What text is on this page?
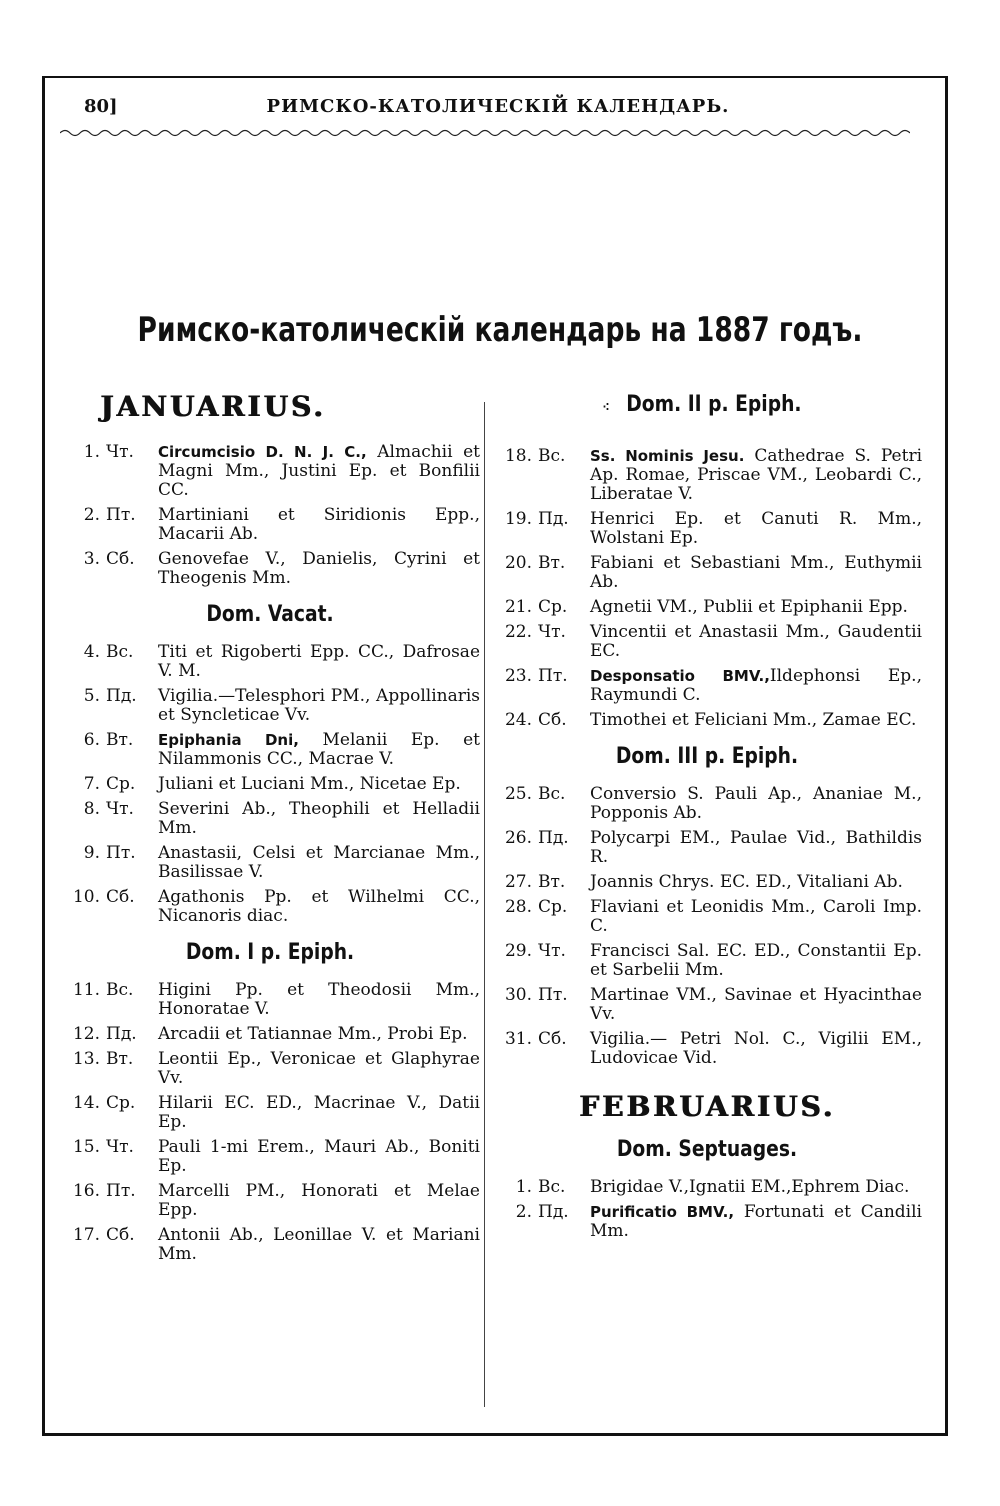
80]	РИМСКО-КАТОЛИЧЕСКІЙ КАЛЕНДАРЬ.
Римско-католическій календарь на 1887 годъ.
JANUARIUS.
1. Чт.	Circumcisio D. N. J. C., Almachii et Magni Mm., Justini Ep. et Bonfilii CC.
2. Пт.	Martiniani et Siridionis Epp., Macarii Ab.
3. Сб.	Genovefae V., Danielis, Cyrini et Theogenis Mm.
Dom. Vacat.
4. Вс.	Titi et Rigoberti Epp. CC., Dafrosae V. M.
5. Пд.	Vigilia.—Telesphori PM., Appollinaris et Syncleticae Vv.
6. Вт.	Epiphania Dni, Melanii Ep. et Nilammonis CC., Macrae V.
7. Ср.	Juliani et Luciani Mm., Nicetae Ep.
8. Чт.	Severini Ab., Theophili et Helladii Mm.
9. Пт.	Anastasii, Celsi et Marcianae Mm., Basilissae V.
10. Сб.	Agathonis Pp. et Wilhelmi CC., Nicanoris diac.
Dom. I p. Epiph.
11. Вс.	Higini Pp. et Theodosii Mm., Honoratae V.
12. Пд.	Arcadii et Tatiannae Mm., Probi Ep.
13. Вт.	Leontii Ep., Veronicae et Glaphyrae Vv.
14. Ср.	Hilarii EC. ED., Macrinae V., Datii Ep.
15. Чт.	Pauli 1-mi Erem., Mauri Ab., Boniti Ep.
16. Пт.	Marcelli PM., Honorati et Melae Epp.
17. Сб.	Antonii Ab., Leonillae V. et Mariani Mm.
⁖ Dom. II p. Epiph.
18. Вс.	Ss. Nominis Jesu. Cathedrae S. Petri Ap. Romae, Priscae VM., Leobardi C., Liberatae V.
19. Пд.	Henrici Ep. et Canuti R. Mm., Wolstani Ep.
20. Вт.	Fabiani et Sebastiani Mm., Euthymii Ab.
21. Ср.	Agnetii VM., Publii et Epiphanii Epp.
22. Чт.	Vincentii et Anastasii Mm., Gaudentii EC.
23. Пт.	Desponsatio BMV.,Ildephonsi Ep., Raymundi C.
24. Сб.	Timothei et Feliciani Mm., Zamae EC.
Dom. III p. Epiph.
25. Вс.	Conversio S. Pauli Ap., Ananiae M., Popponis Ab.
26. Пд.	Polycarpi EM., Paulae Vid., Bathildis R.
27. Вт.	Joannis Chrys. EC. ED., Vitaliani Ab.
28. Ср.	Flaviani et Leonidis Mm., Caroli Imp. C.
29. Чт.	Francisci Sal. EC. ED., Constantii Ep. et Sarbelii Mm.
30. Пт.	Martinae VM., Savinae et Hyacinthae Vv.
31. Сб.	Vigilia.— Petri Nol. C., Vigilii EM., Ludovicae Vid.
FEBRUARIUS.
Dom. Septuages.
1. Вс.	Brigidae V.,Ignatii EM.,Ephrem Diac.
2. Пд.	Purificatio BMV., Fortunati et Candili Mm.
